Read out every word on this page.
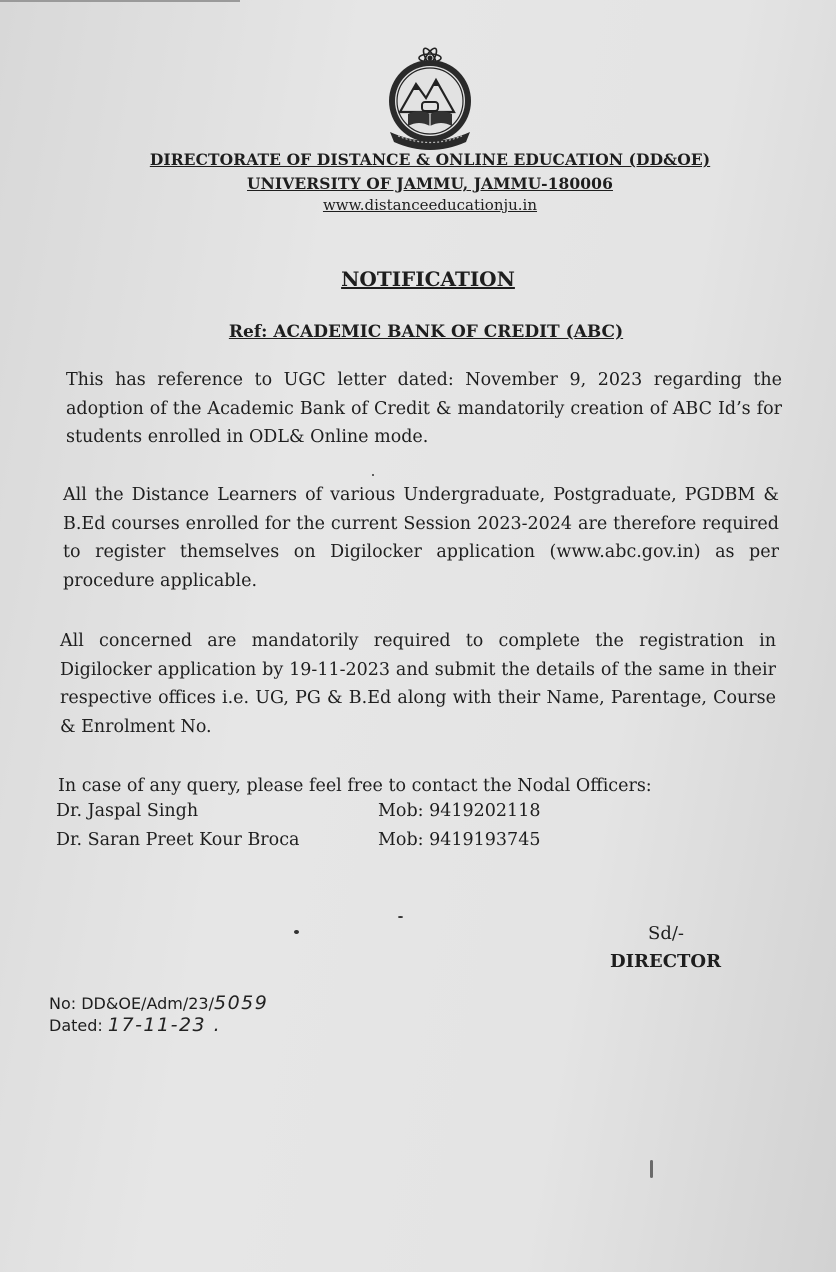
DIRECTORATE OF DISTANCE & ONLINE EDUCATION (DD&OE)
UNIVERSITY OF JAMMU, JAMMU-180006
www.distanceeducationju.in
NOTIFICATION
Ref: ACADEMIC BANK OF CREDIT (ABC)

This has reference to UGC letter dated: November 9, 2023 regarding the adoption of the Academic Bank of Credit & mandatorily creation of ABC Id’s for students enrolled in ODL& Online mode.

All the Distance Learners of various Undergraduate, Postgraduate, PGDBM & B.Ed courses enrolled for the current Session 2023-2024 are therefore required to register themselves on Digilocker application (www.abc.gov.in) as per procedure applicable.

All concerned are mandatorily required to complete the registration in Digilocker application by 19-11-2023 and submit the details of the same in their respective offices i.e. UG, PG & B.Ed along with their Name, Parentage, Course & Enrolment No.

In case of any query, please feel free to contact the Nodal Officers:
Dr. Jaspal Singh	Mob: 9419202118
Dr. Saran Preet Kour Broca	Mob: 9419193745
Sd/-
DIRECTOR
No: DD&OE/Adm/23/5059
Dated: 17-11-23 .
